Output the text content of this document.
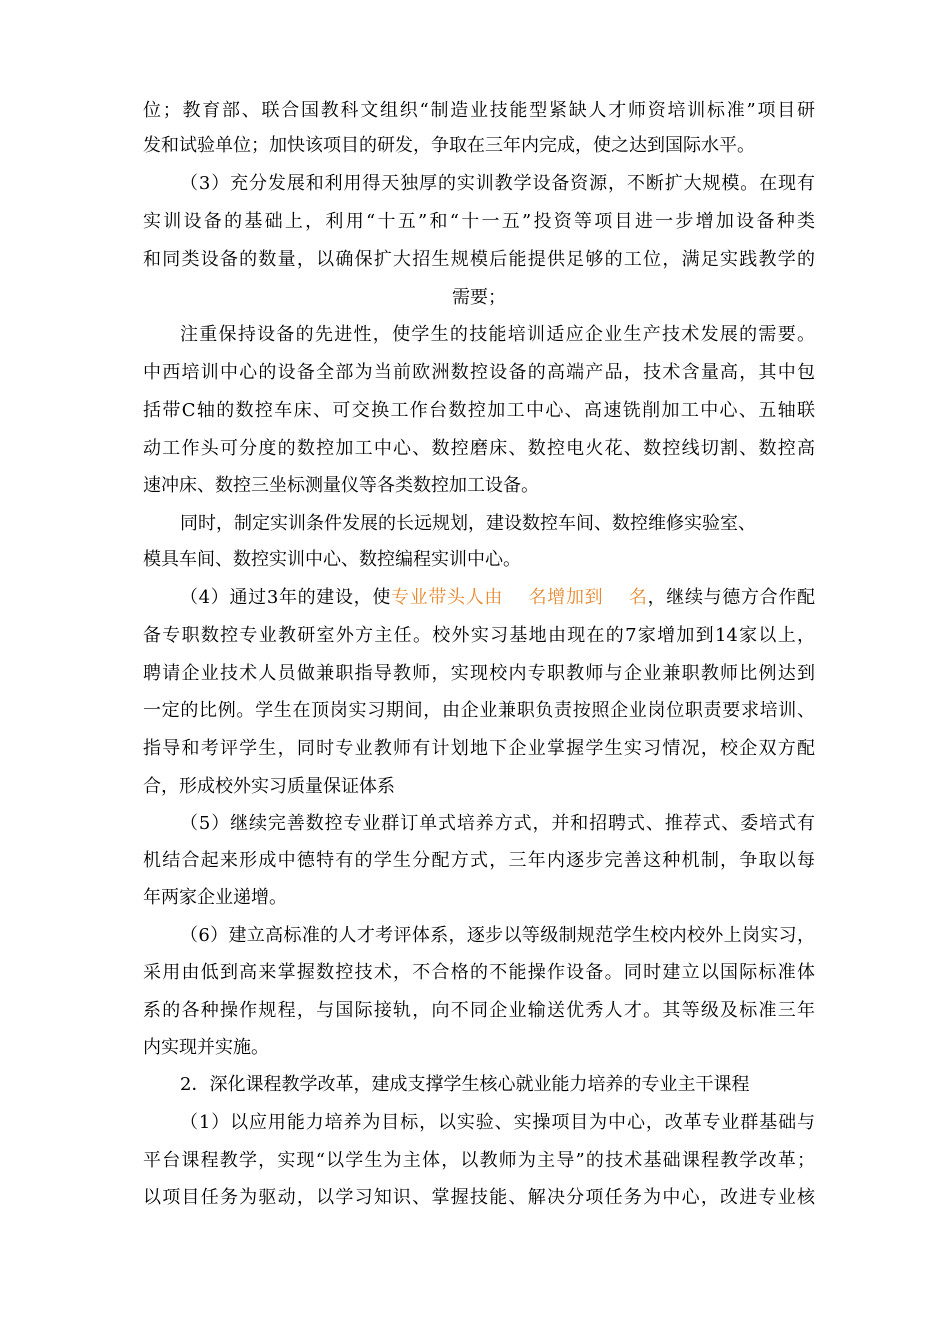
位；教育部、联合国教科文组织“制造业技能型紧缺人才师资培训标准”项目研
发和试验单位；加快该项目的研发，争取在三年内完成，使之达到国际水平。
（3）充分发展和利用得天独厚的实训教学设备资源，不断扩大规模。在现有
实训设备的基础上，利用“十五”和“十一五”投资等项目进一步增加设备种类
和同类设备的数量，以确保扩大招生规模后能提供足够的工位，满足实践教学的
需要；
注重保持设备的先进性，使学生的技能培训适应企业生产技术发展的需要。
中西培训中心的设备全部为当前欧洲数控设备的高端产品，技术含量高，其中包
括带C轴的数控车床、可交换工作台数控加工中心、高速铣削加工中心、五轴联
动工作头可分度的数控加工中心、数控磨床、数控电火花、数控线切割、数控高
速冲床、数控三坐标测量仪等各类数控加工设备。
同时，制定实训条件发展的长远规划，建设数控车间、数控维修实验室、
模具车间、数控实训中心、数控编程实训中心。
（4）通过3年的建设，使专业带头人由    名增加到    名，继续与德方合作配
备专职数控专业教研室外方主任。校外实习基地由现在的7家增加到14家以上，
聘请企业技术人员做兼职指导教师，实现校内专职教师与企业兼职教师比例达到
一定的比例。学生在顶岗实习期间，由企业兼职负责按照企业岗位职责要求培训、
指导和考评学生，同时专业教师有计划地下企业掌握学生实习情况，校企双方配
合，形成校外实习质量保证体系
（5）继续完善数控专业群订单式培养方式，并和招聘式、推荐式、委培式有
机结合起来形成中德特有的学生分配方式，三年内逐步完善这种机制，争取以每
年两家企业递增。
（6）建立高标准的人才考评体系，逐步以等级制规范学生校内校外上岗实习，
采用由低到高来掌握数控技术，不合格的不能操作设备。同时建立以国际标准体
系的各种操作规程，与国际接轨，向不同企业输送优秀人才。其等级及标准三年
内实现并实施。
2．深化课程教学改革，建成支撑学生核心就业能力培养的专业主干课程
（1）以应用能力培养为目标，以实验、实操项目为中心，改革专业群基础与
平台课程教学，实现“以学生为主体，以教师为主导”的技术基础课程教学改革；
以项目任务为驱动，以学习知识、掌握技能、解决分项任务为中心，改进专业核
